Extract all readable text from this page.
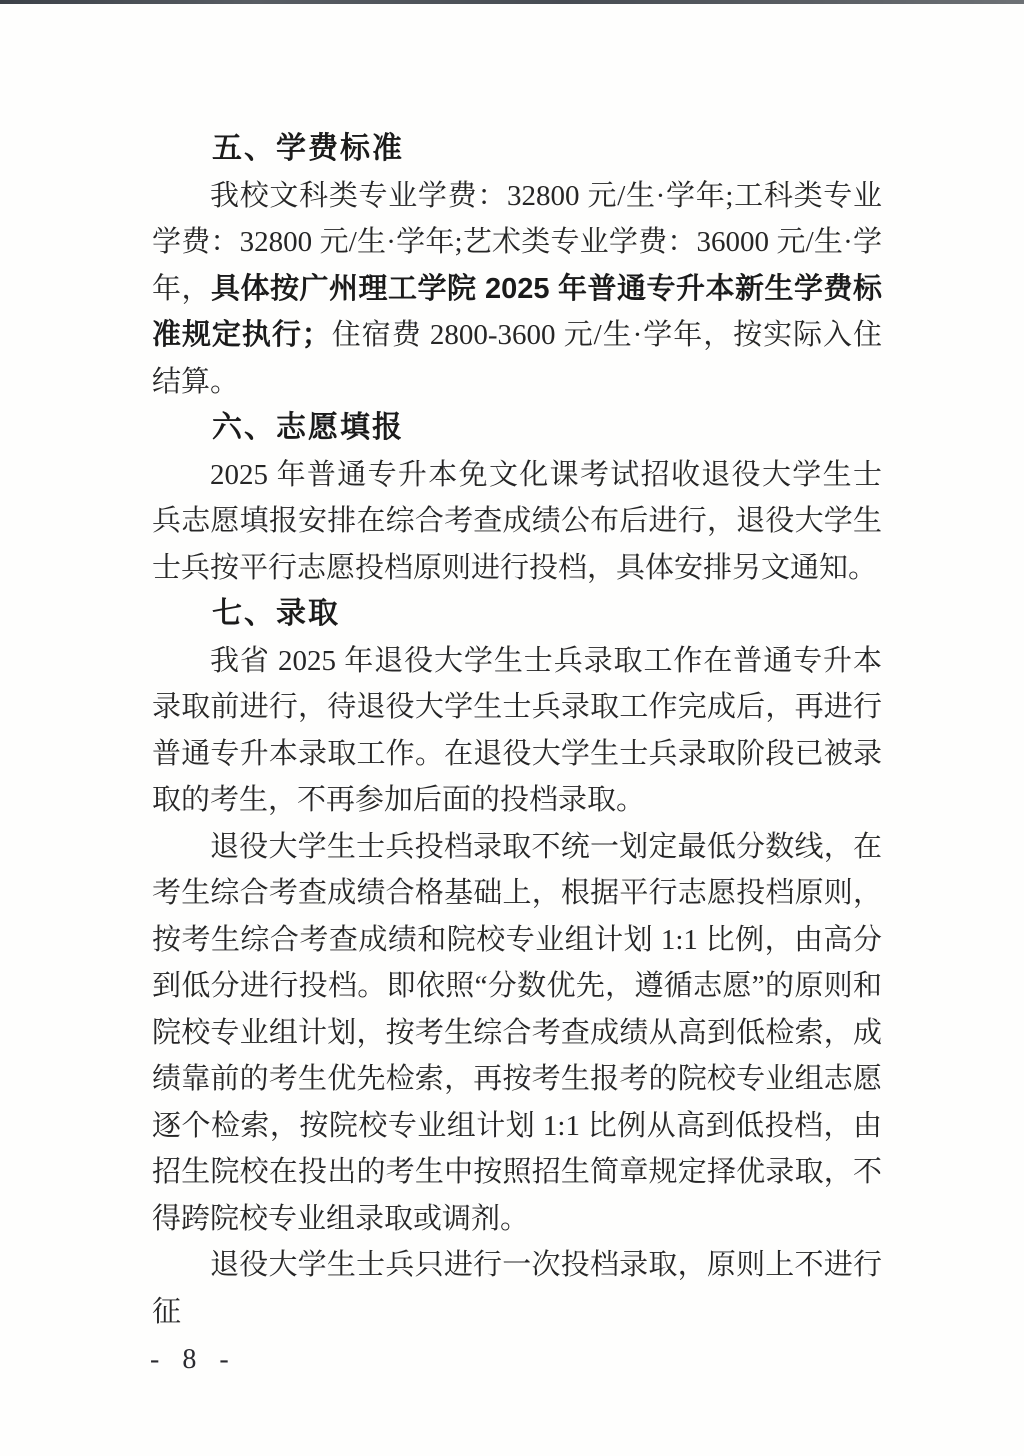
五、学费标准

我校文科类专业学费：32800 元/生·学年;工科类专业学费：32800 元/生·学年;艺术类专业学费：36000 元/生·学年，具体按广州理工学院 2025 年普通专升本新生学费标准规定执行；住宿费 2800-3600 元/生·学年，按实际入住结算。

六、志愿填报

2025 年普通专升本免文化课考试招收退役大学生士兵志愿填报安排在综合考查成绩公布后进行，退役大学生士兵按平行志愿投档原则进行投档，具体安排另文通知。

七、录取

我省 2025 年退役大学生士兵录取工作在普通专升本录取前进行，待退役大学生士兵录取工作完成后，再进行普通专升本录取工作。在退役大学生士兵录取阶段已被录取的考生，不再参加后面的投档录取。

退役大学生士兵投档录取不统一划定最低分数线，在考生综合考查成绩合格基础上，根据平行志愿投档原则，按考生综合考查成绩和院校专业组计划 1:1 比例，由高分到低分进行投档。即依照“分数优先，遵循志愿”的原则和院校专业组计划，按考生综合考查成绩从高到低检索，成绩靠前的考生优先检索，再按考生报考的院校专业组志愿逐个检索，按院校专业组计划 1:1 比例从高到低投档，由招生院校在投出的考生中按照招生简章规定择优录取，不得跨院校专业组录取或调剂。

退役大学生士兵只进行一次投档录取，原则上不进行征

- 8 -
